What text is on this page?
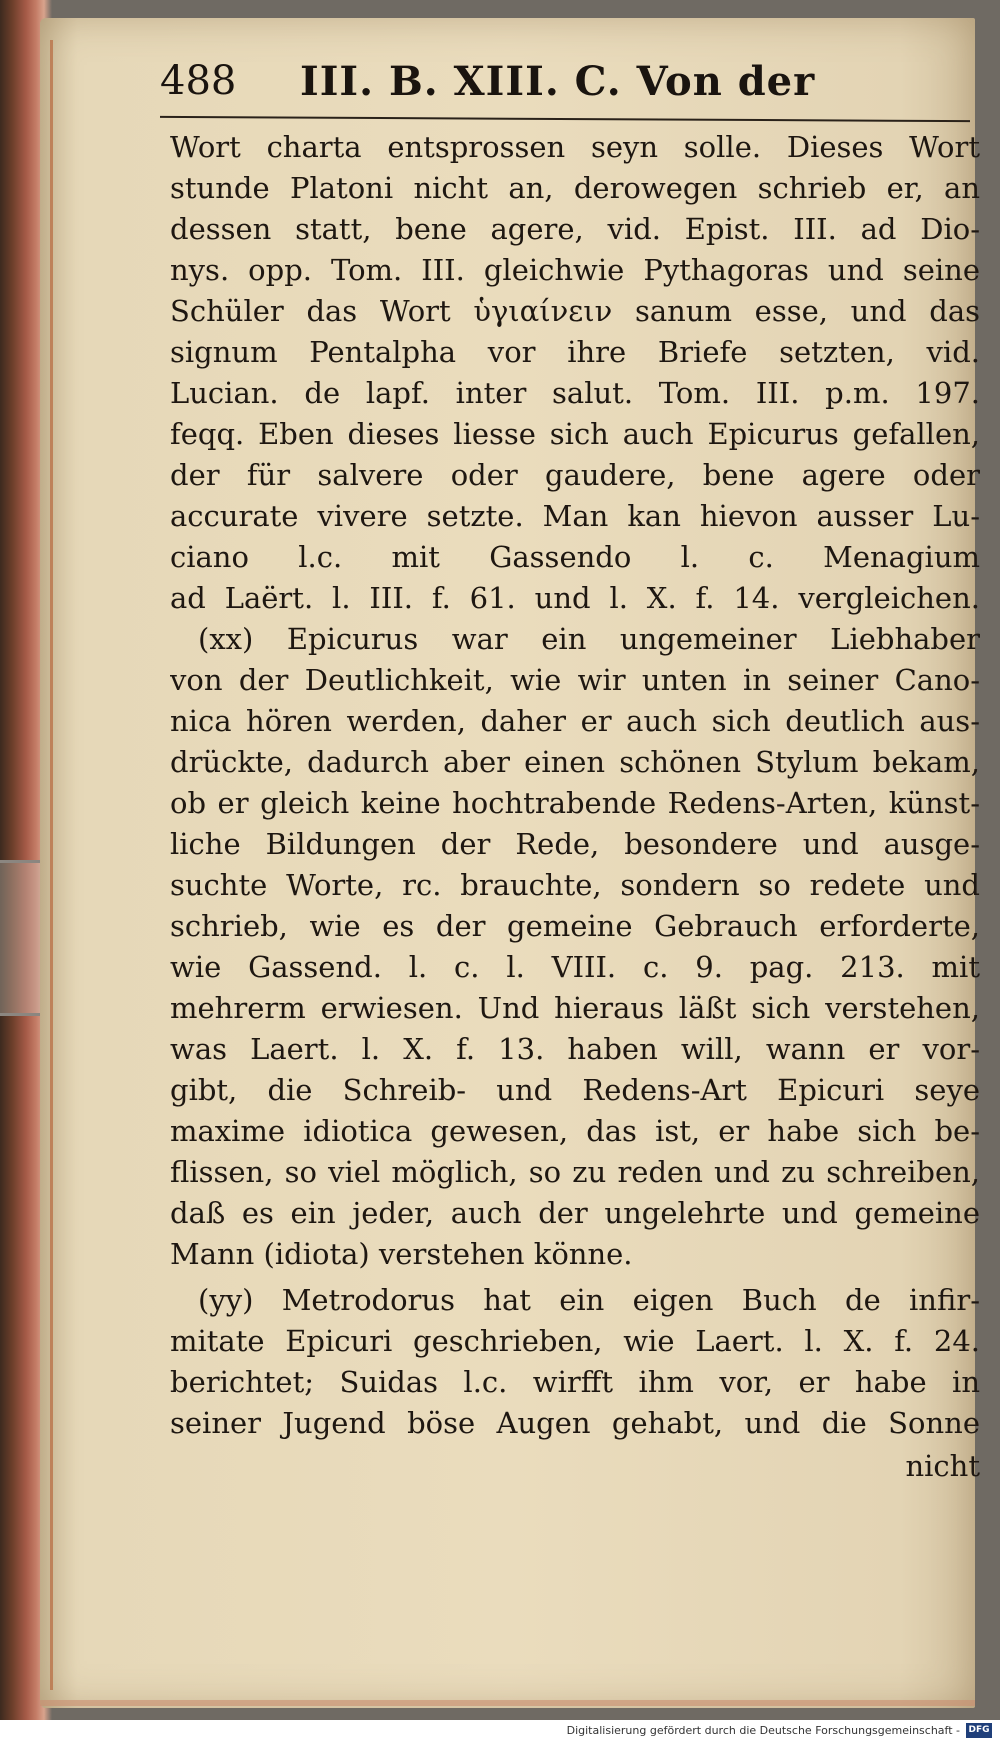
488 III. B. XIII. C. Von der
Wort charta entsprossen seyn solle. Dieses Wort
stunde Platoni nicht an, derowegen schrieb er, an
dessen statt, bene agere, vid. Epist. III. ad Dio-
nys. opp. Tom. III. gleichwie Pythagoras und seine
Schüler das Wort ὑγιαίνειν sanum esse, und das
signum Pentalpha vor ihre Briefe setzten, vid.
Lucian. de lapf. inter salut. Tom. III. p.m. 197.
feqq. Eben dieses liesse sich auch Epicurus gefallen,
der für salvere oder gaudere, bene agere oder
accurate vivere setzte. Man kan hievon ausser Lu-
ciano l.c. mit Gassendo l. c. Menagium
ad Laërt. l. III. f. 61. und l. X. f. 14. vergleichen.
(xx) Epicurus war ein ungemeiner Liebhaber
von der Deutlichkeit, wie wir unten in seiner Cano-
nica hören werden, daher er auch sich deutlich aus-
drückte, dadurch aber einen schönen Stylum bekam,
ob er gleich keine hochtrabende Redens-Arten, künst-
liche Bildungen der Rede, besondere und ausge-
suchte Worte, rc. brauchte, sondern so redete und
schrieb, wie es der gemeine Gebrauch erforderte,
wie Gassend. l. c. l. VIII. c. 9. pag. 213. mit
mehrerm erwiesen. Und hieraus läßt sich verstehen,
was Laert. l. X. f. 13. haben will, wann er vor-
gibt, die Schreib- und Redens-Art Epicuri seye
maxime idiotica gewesen, das ist, er habe sich be-
flissen, so viel möglich, so zu reden und zu schreiben,
daß es ein jeder, auch der ungelehrte und gemeine
Mann (idiota) verstehen könne.
(yy) Metrodorus hat ein eigen Buch de infir-
mitate Epicuri geschrieben, wie Laert. l. X. f. 24.
berichtet; Suidas l.c. wirfft ihm vor, er habe in
seiner Jugend böse Augen gehabt, und die Sonne
nicht
Digitalisierung gefördert durch die Deutsche Forschungsgemeinschaft - DFG
